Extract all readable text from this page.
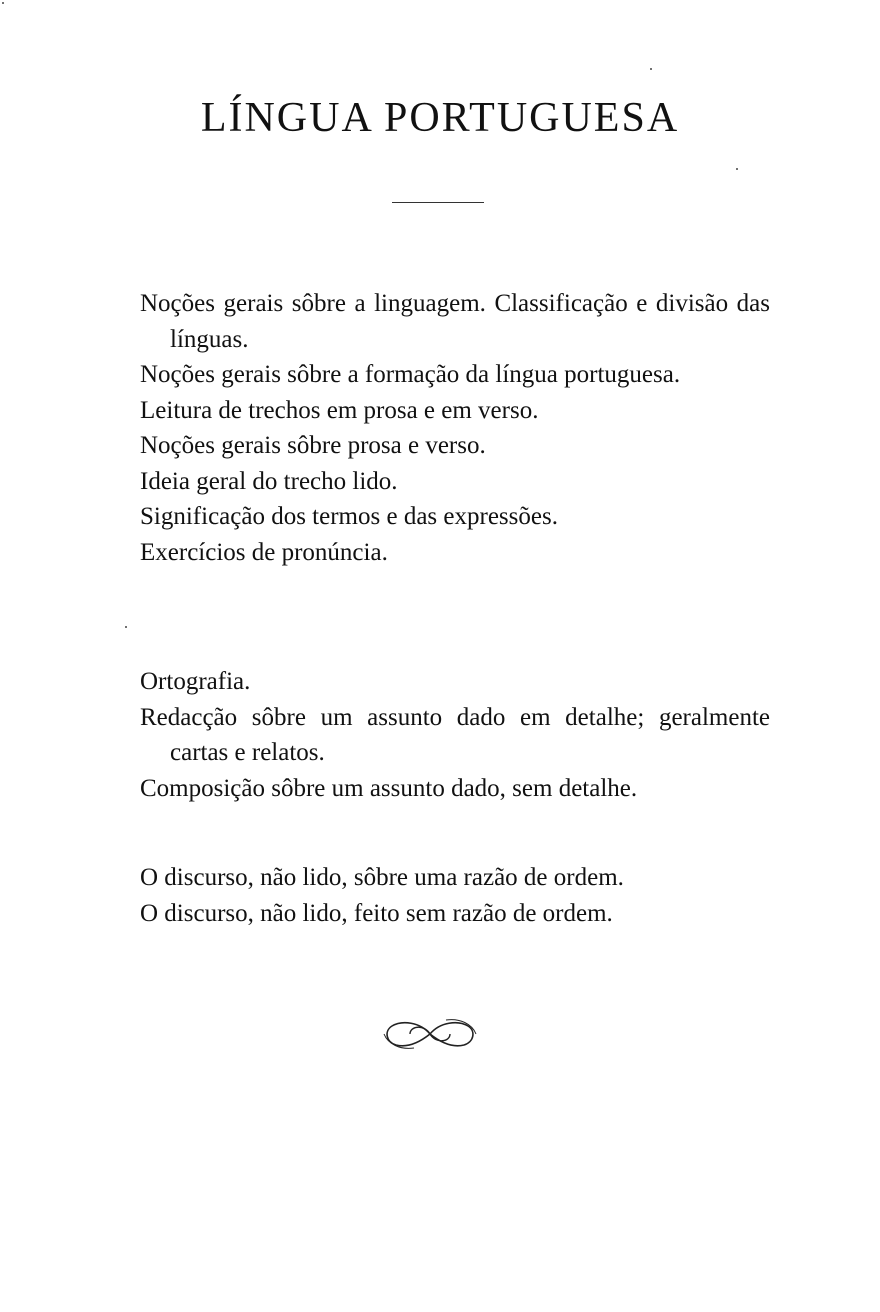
LÍNGUA PORTUGUESA

Noções gerais sôbre a linguagem. Classificação e divisão das línguas.

Noções gerais sôbre a formação da língua portuguesa.

Leitura de trechos em prosa e em verso.

Noções gerais sôbre prosa e verso.

Ideia geral do trecho lido.

Significação dos termos e das expressões.

Exercícios de pronúncia.

Ortografia.

Redacção sôbre um assunto dado em detalhe; geralmente cartas e relatos.

Composição sôbre um assunto dado, sem detalhe.

O discurso, não lido, sôbre uma razão de ordem.

O discurso, não lido, feito sem razão de ordem.
